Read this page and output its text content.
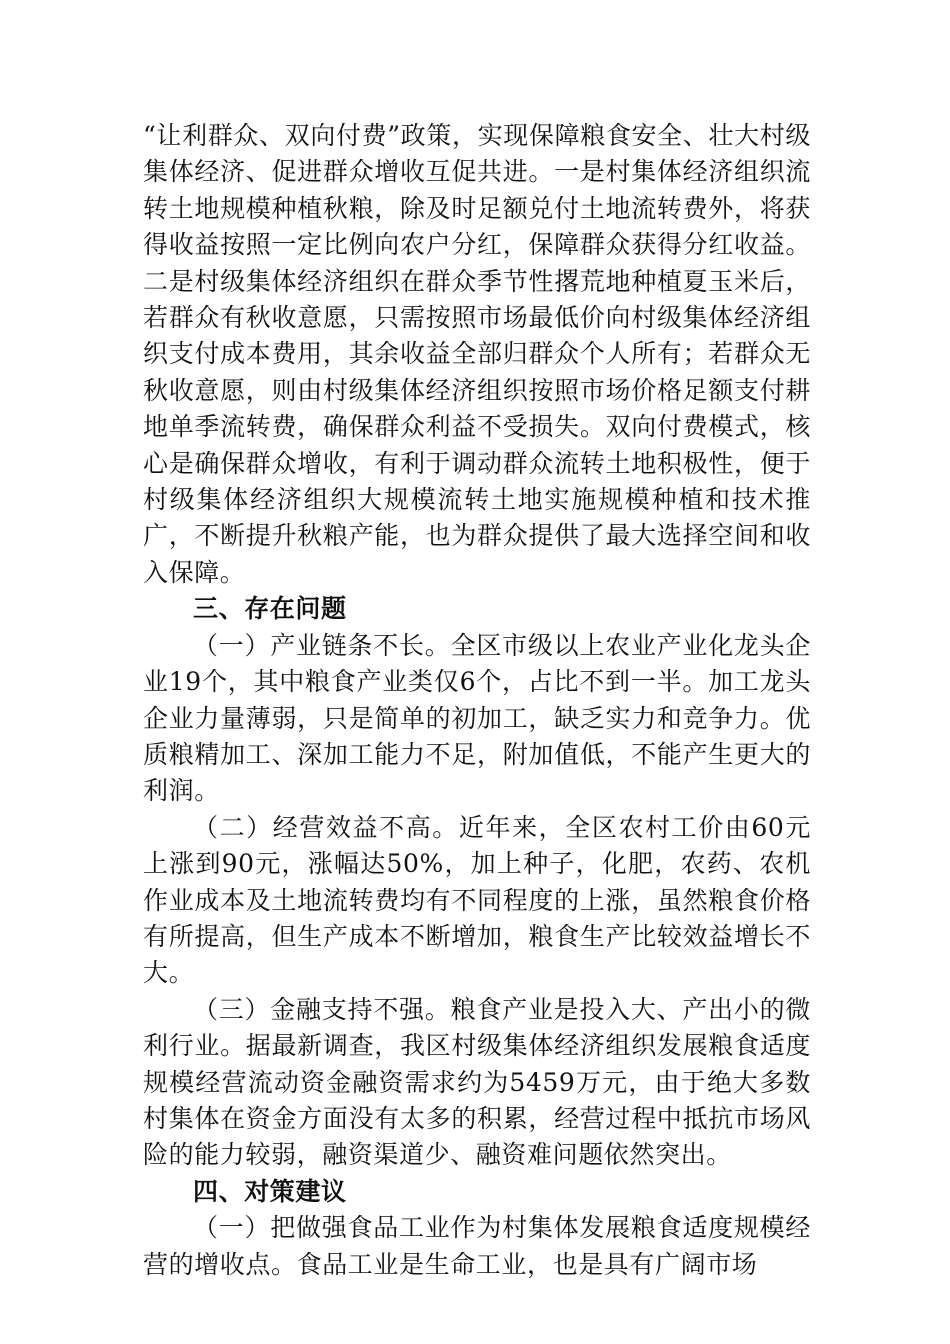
“让利群众、双向付费”政策，实现保障粮食安全、壮大村级集体经济、促进群众增收互促共进。一是村集体经济组织流转土地规模种植秋粮，除及时足额兑付土地流转费外，将获得收益按照一定比例向农户分红，保障群众获得分红收益。二是村级集体经济组织在群众季节性撂荒地种植夏玉米后，若群众有秋收意愿，只需按照市场最低价向村级集体经济组织支付成本费用，其余收益全部归群众个人所有；若群众无秋收意愿，则由村级集体经济组织按照市场价格足额支付耕地单季流转费，确保群众利益不受损失。双向付费模式，核心是确保群众增收，有利于调动群众流转土地积极性，便于村级集体经济组织大规模流转土地实施规模种植和技术推广，不断提升秋粮产能，也为群众提供了最大选择空间和收入保障。

三、存在问题

（一）产业链条不长。全区市级以上农业产业化龙头企业19个，其中粮食产业类仅6个，占比不到一半。加工龙头企业力量薄弱，只是简单的初加工，缺乏实力和竞争力。优质粮精加工、深加工能力不足，附加值低，不能产生更大的利润。

（二）经营效益不高。近年来，全区农村工价由60元上涨到90元，涨幅达50%，加上种子，化肥，农药、农机作业成本及土地流转费均有不同程度的上涨，虽然粮食价格有所提高，但生产成本不断增加，粮食生产比较效益增长不大。

（三）金融支持不强。粮食产业是投入大、产出小的微利行业。据最新调查，我区村级集体经济组织发展粮食适度规模经营流动资金融资需求约为5459万元，由于绝大多数村集体在资金方面没有太多的积累，经营过程中抵抗市场风险的能力较弱，融资渠道少、融资难问题依然突出。

四、对策建议

（一）把做强食品工业作为村集体发展粮食适度规模经营的增收点。食品工业是生命工业，也是具有广阔市场
